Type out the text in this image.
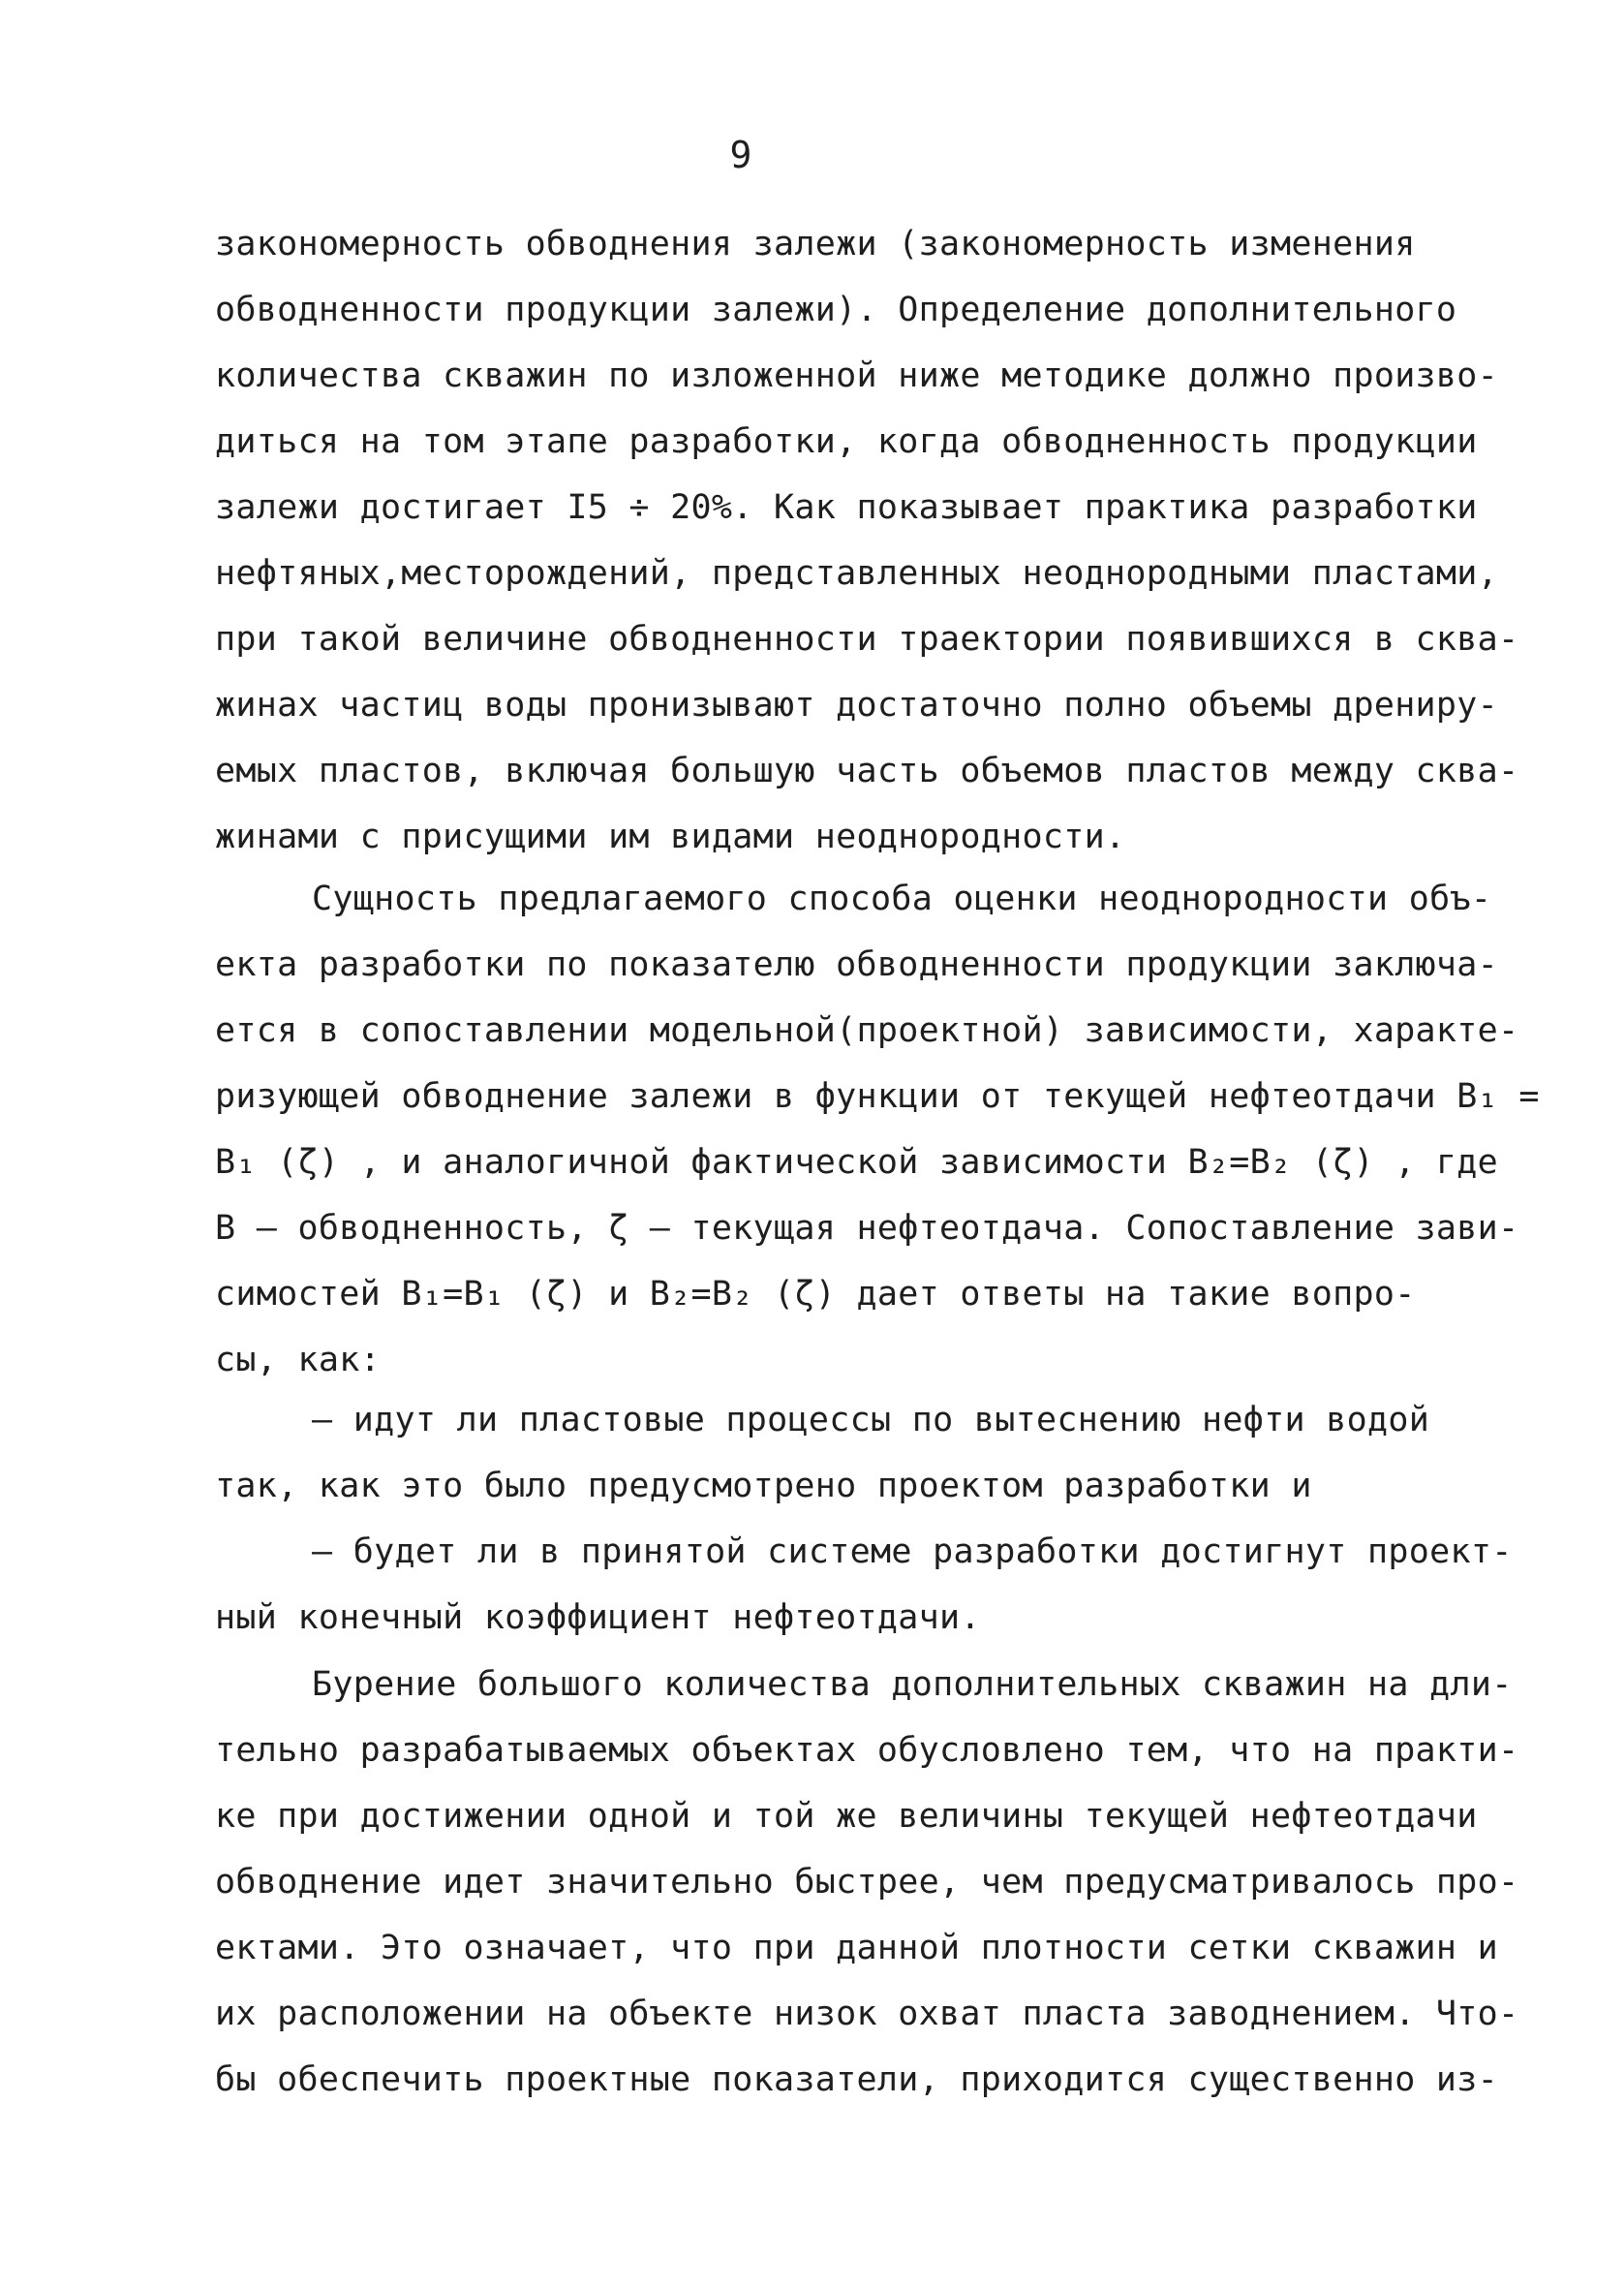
9
закономерность обводнения залежи (закономерность изменения
обводненности продукции залежи). Определение дополнительного
количества скважин по изложенной ниже методике должно произво-
диться на том этапе разработки, когда обводненность продукции
залежи достигает I5 ÷ 20%. Как показывает практика разработки
нефтяных,месторождений, представленных неоднородными пластами,
при такой величине обводненности траектории появившихся в сква-
жинах частиц воды пронизывают достаточно полно объемы дрениру-
емых пластов, включая большую часть объемов пластов между сква-
жинами с присущими им видами неоднородности.
Сущность предлагаемого способа оценки неоднородности объ-
екта разработки по показателю обводненности продукции заключа-
ется в сопоставлении модельной(проектной) зависимости, характе-
ризующей обводнение залежи в функции от текущей нефтеотдачи B₁ =
B₁ (ζ) , и аналогичной фактической зависимости B₂=B₂ (ζ) , где
B – обводненность, ζ – текущая нефтеотдача. Сопоставление зави-
симостей B₁=B₁ (ζ) и B₂=B₂ (ζ) дает ответы на такие вопро-
сы, как:
– идут ли пластовые процессы по вытеснению нефти водой
так, как это было предусмотрено проектом разработки и
– будет ли в принятой системе разработки достигнут проект-
ный конечный коэффициент нефтеотдачи.
Бурение большого количества дополнительных скважин на дли-
тельно разрабатываемых объектах обусловлено тем, что на практи-
ке при достижении одной и той же величины текущей нефтеотдачи
обводнение идет значительно быстрее, чем предусматривалось про-
ектами. Это означает, что при данной плотности сетки скважин и
их расположении на объекте низок охват пласта заводнением. Что-
бы обеспечить проектные показатели, приходится существенно из-
